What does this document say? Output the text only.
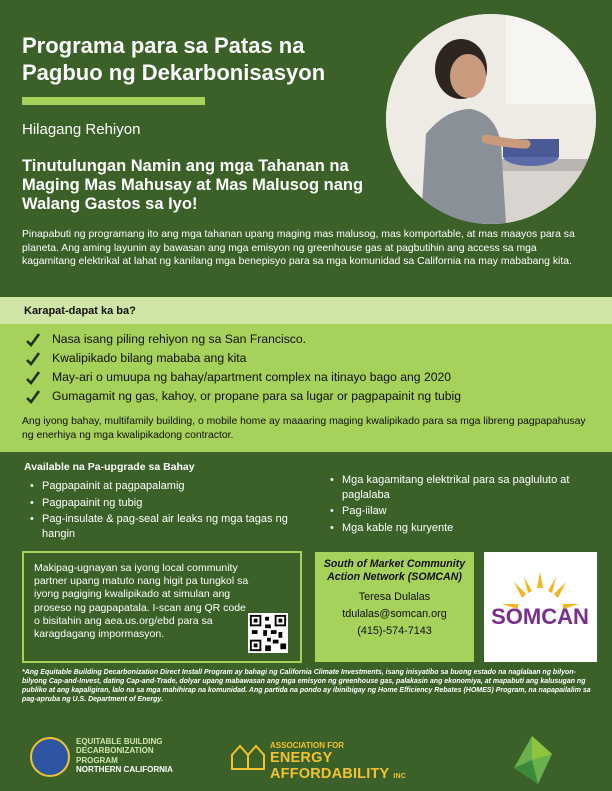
Programa para sa Patas na Pagbuo ng Dekarbonisasyon
Hilagang Rehiyon
Tinutulungan Namin ang mga Tahanan na Maging Mas Mahusay at Mas Malusog nang Walang Gastos sa Iyo!
Pinapabuti ng programang ito ang mga tahanan upang maging mas malusog, mas komportable, at mas maayos para sa planeta. Ang aming layunin ay bawasan ang mga emisyon ng greenhouse gas at pagbutihin ang access sa mga kagamitang elektrikal at lahat ng kanilang mga benepisyo para sa mga komunidad sa California na may mababang kita.
Karapat-dapat ka ba?
Nasa isang piling rehiyon ng sa San Francisco.
Kwalipikado bilang mababa ang kita
May-ari o umuupa ng bahay/apartment complex na itinayo bago ang 2020
Gumagamit ng gas, kahoy, or propane para sa lugar or pagpapainit ng tubig
Ang iyong bahay, multifamily building, o mobile home ay maaaring maging kwalipikado para sa mga libreng pagpapahusay ng enerhiya ng mga kwalipikadong contractor.
Available na Pa-upgrade sa Bahay
• Pagpapainit at pagpapalamig
• Pagpapainit ng tubig
• Pag-insulate & pag-seal air leaks ng mga tagas ng hangin
• Mga kagamitang elektrikal para sa pagluluto at paglalaba
• Pag-iilaw
• Mga kable ng kuryente
Makipag-ugnayan sa iyong local community partner upang matuto nang higit pa tungkol sa iyong pagiging kwalipikado at simulan ang proseso ng pagpapatala. I-scan ang QR code o bisitahin ang aea.us.org/ebd para sa karagdagang impormasyon.
South of Market Community Action Network (SOMCAN)
Teresa Dulalas
tdulalas@somcan.org
(415)-574-7143
SOMCAN
*Ang Equitable Building Decarbonization Direct Install Program ay bahagi ng California Climate Investments, isang inisyatibo sa buong estado na naglalaan ng bilyon-bilyong Cap-and-Invest, dating Cap-and-Trade, dolyar upang mabawasan ang mga emisyon ng greenhouse gas, palakasin ang ekonomiya, at mapabuti ang kalusugan ng publiko at ang kapaligiran, lalo na sa mga mahihirap na komunidad. Ang partida na pondo ay ibinibigay ng Home Efficiency Rebates (HOMES) Program, na napapailalim sa pag-apruba ng U.S. Department of Energy.
EQUITABLE BUILDING
DECARBONIZATION
PROGRAM
NORTHERN CALIFORNIA
ASSOCIATION FOR
ENERGY AFFORDABILITY INC
